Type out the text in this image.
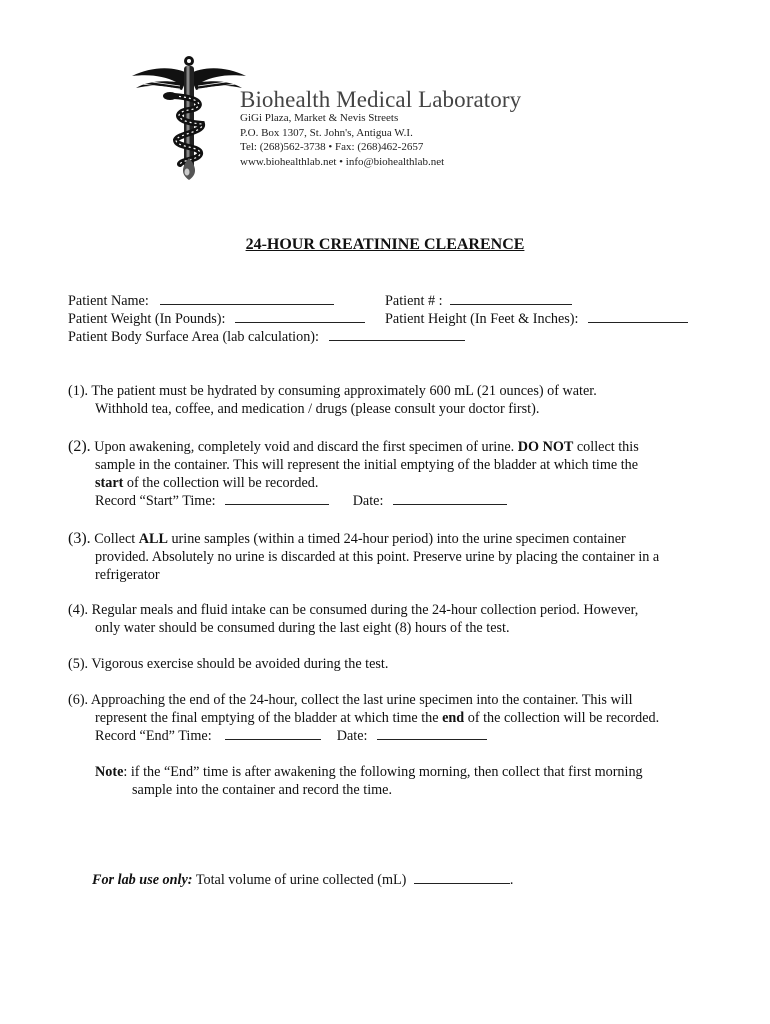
Biohealth Medical Laboratory
GiGi Plaza, Market & Nevis Streets
P.O. Box 1307, St. John's, Antigua W.I.
Tel: (268)562-3738 • Fax: (268)462-2657
www.biohealthlab.net • info@biohealthlab.net
24-HOUR CREATININE CLEARENCE
Patient Name:	Patient # :
Patient Weight (In Pounds):	Patient Height (In Feet & Inches):
Patient Body Surface Area (lab calculation):
(1). The patient must be hydrated by consuming approximately 600 mL (21 ounces) of water.
Withhold tea, coffee, and medication / drugs (please consult your doctor first).
(2). Upon awakening, completely void and discard the first specimen of urine. DO NOT collect this
sample in the container. This will represent the initial emptying of the bladder at which time the
start of the collection will be recorded.
Record “Start” Time:	Date:
(3). Collect ALL urine samples (within a timed 24-hour period) into the urine specimen container
provided. Absolutely no urine is discarded at this point. Preserve urine by placing the container in a
refrigerator
(4). Regular meals and fluid intake can be consumed during the 24-hour collection period. However,
only water should be consumed during the last eight (8) hours of the test.
(5). Vigorous exercise should be avoided during the test.
(6). Approaching the end of the 24-hour, collect the last urine specimen into the container. This will
represent the final emptying of the bladder at which time the end of the collection will be recorded.
Record “End” Time:	Date:
Note: if the “End” time is after awakening the following morning, then collect that first morning
sample into the container and record the time.
For lab use only: Total volume of urine collected (mL)	.
